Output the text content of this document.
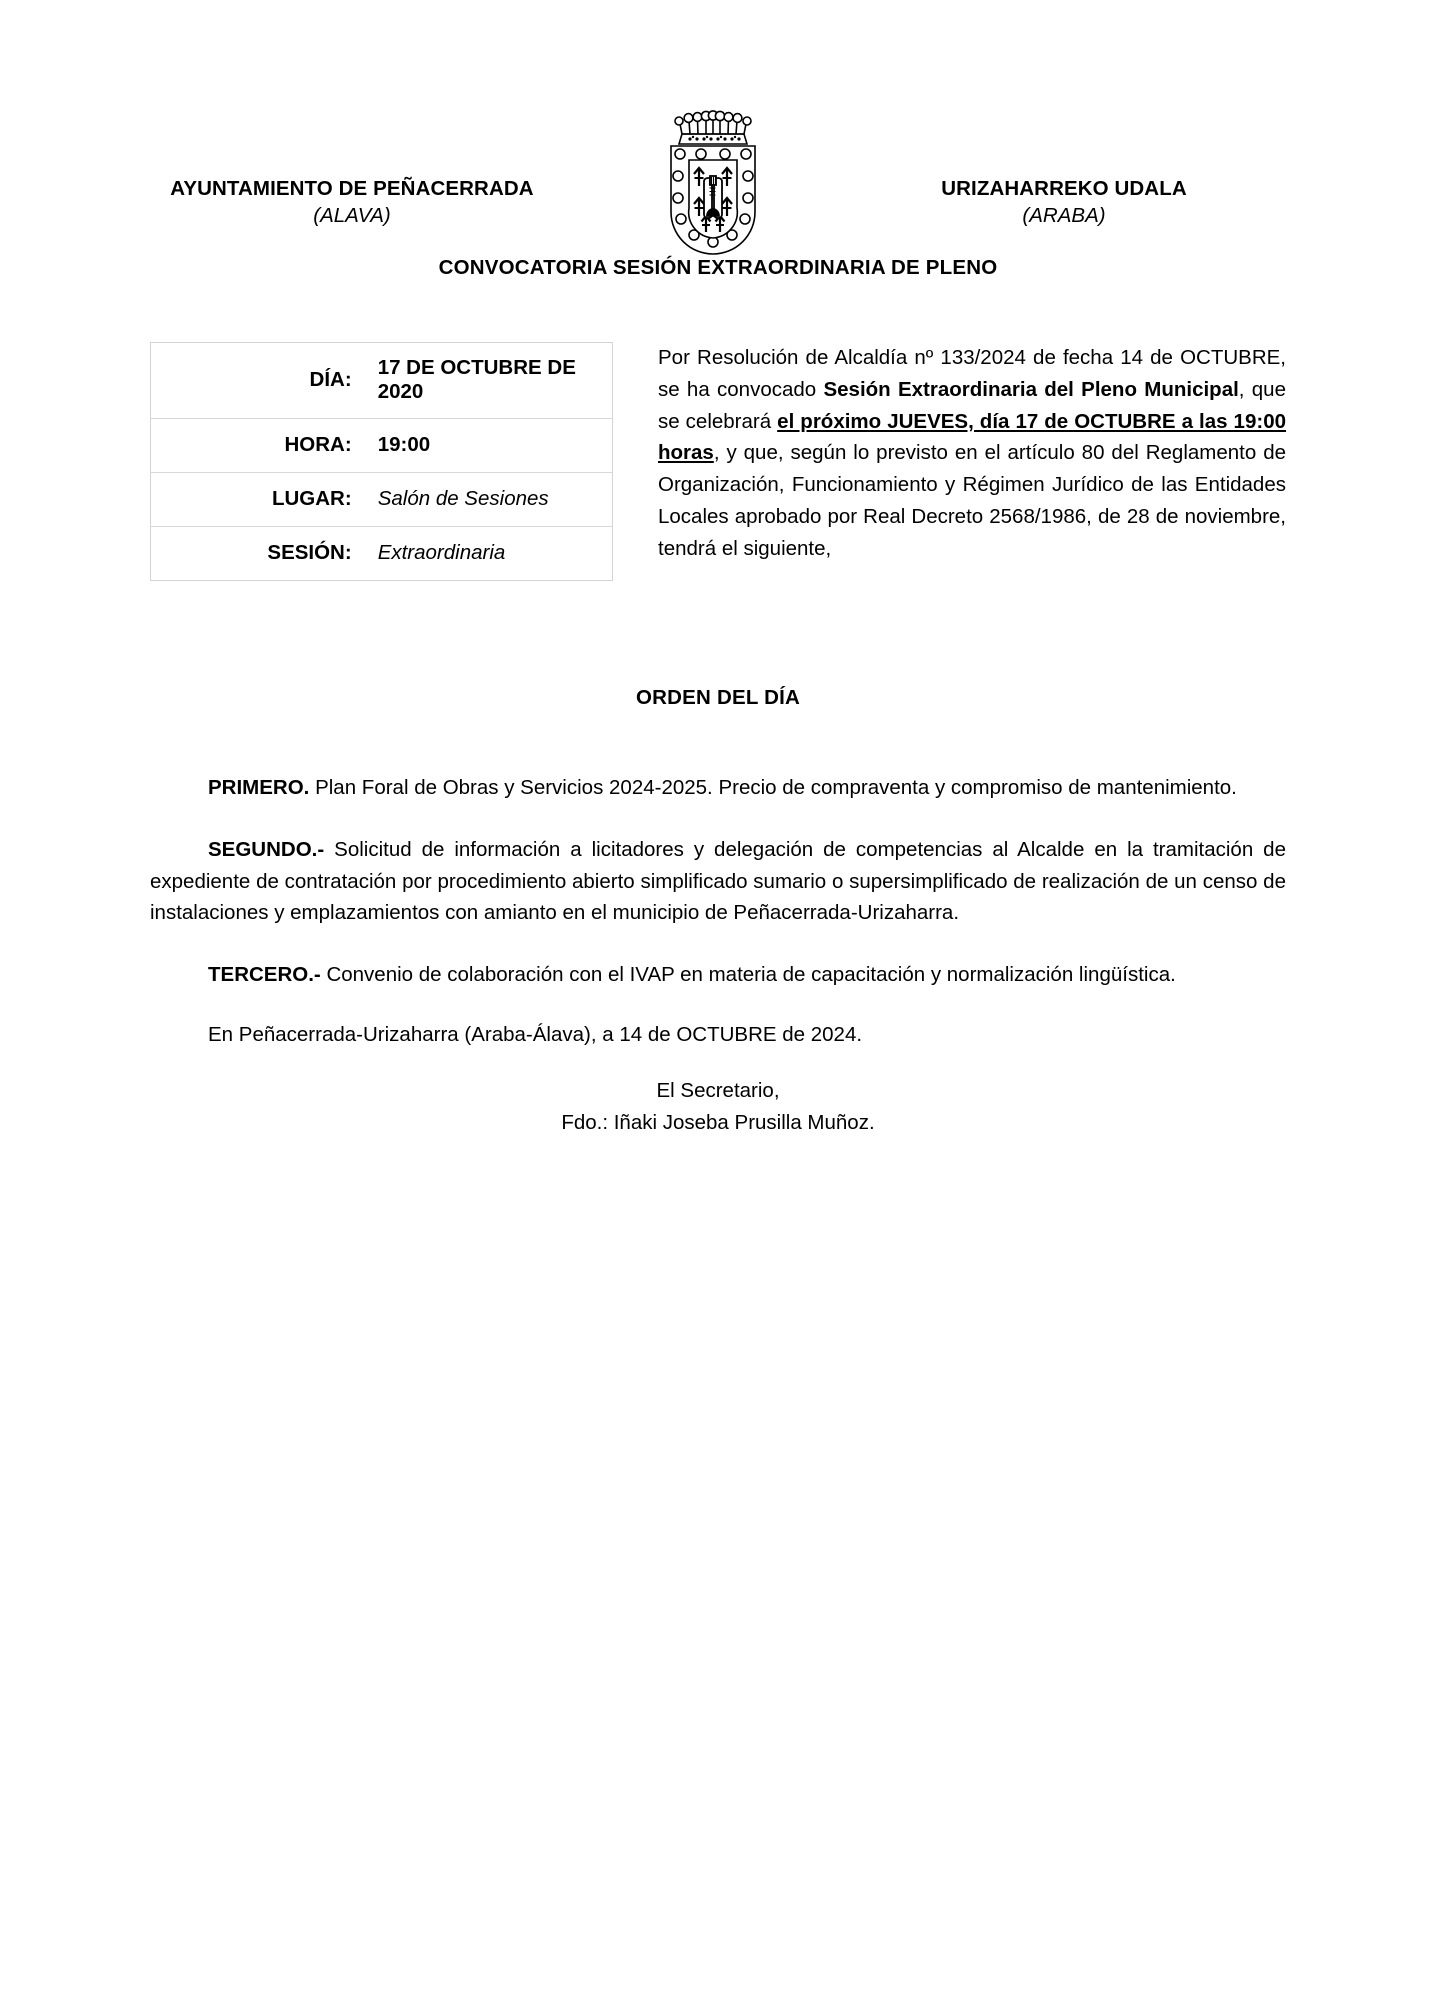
AYUNTAMIENTO DE PEÑACERRADA
(ALAVA)
URIZAHARREKO UDALA
(ARABA)
CONVOCATORIA SESIÓN EXTRAORDINARIA DE PLENO
DÍA:	17 DE OCTUBRE DE 2020
HORA:	19:00
LUGAR:	Salón de Sesiones
SESIÓN:	Extraordinaria

Por Resolución de Alcaldía nº 133/2024 de fecha 14 de OCTUBRE, se ha convocado Sesión Extraordinaria del Pleno Municipal, que se celebrará el próximo JUEVES, día 17 de OCTUBRE a las 19:00 horas, y que, según lo previsto en el artículo 80 del Reglamento de Organización, Funcionamiento y Régimen Jurídico de las Entidades Locales aprobado por Real Decreto 2568/1986, de 28 de noviembre, tendrá el siguiente,

ORDEN DEL DÍA

PRIMERO. Plan Foral de Obras y Servicios 2024-2025. Precio de compraventa y compromiso de mantenimiento.

SEGUNDO.- Solicitud de información a licitadores y delegación de competencias al Alcalde en la tramitación de expediente de contratación por procedimiento abierto simplificado sumario o supersimplificado de realización de un censo de instalaciones y emplazamientos con amianto en el municipio de Peñacerrada-Urizaharra.

TERCERO.- Convenio de colaboración con el IVAP en materia de capacitación y normalización lingüística.

En Peñacerrada-Urizaharra (Araba-Álava), a 14 de OCTUBRE de 2024.
El Secretario,
Fdo.: Iñaki Joseba Prusilla Muñoz.
